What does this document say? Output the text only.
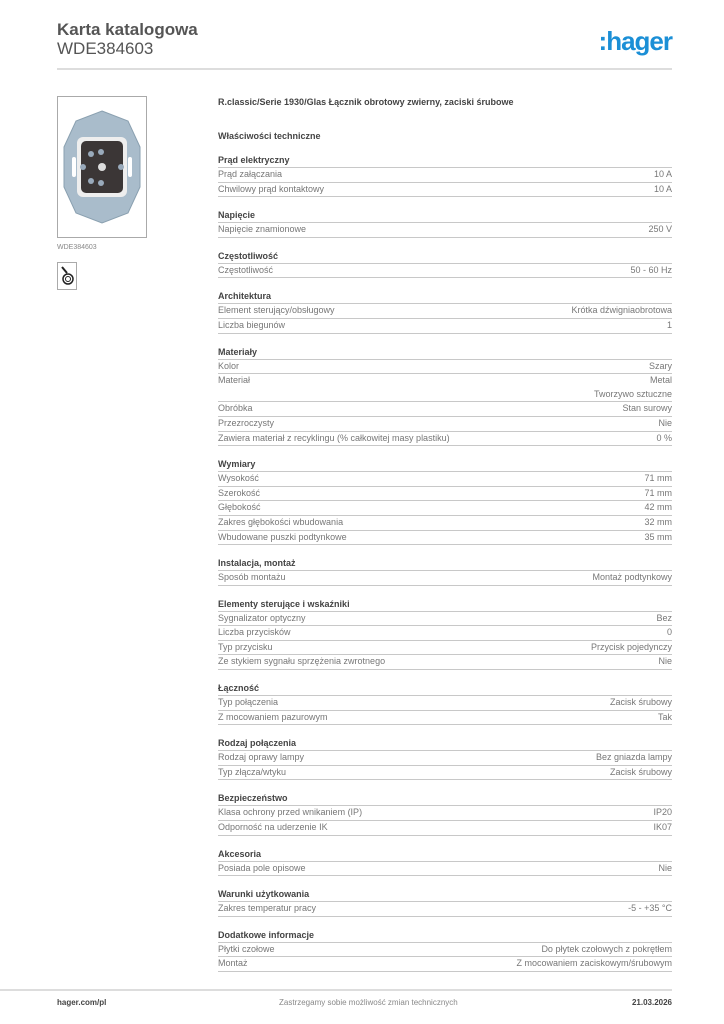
Karta katalogowa
WDE384603	:hager
WDE384603
R.classic/Serie 1930/Glas Łącznik obrotowy zwierny, zaciski śrubowe
Właściwości techniczne
Prąd elektryczny
Prąd załączania	10 A
Chwilowy prąd kontaktowy	10 A
Napięcie
Napięcie znamionowe	250 V
Częstotliwość
Częstotliwość	50 - 60 Hz
Architektura
Element sterujący/obsługowy	Krótka dźwigniaobrotowa
Liczba biegunów	1
Materiały
Kolor	Szary
Materiał	Metal
Tworzywo sztuczne
Obróbka	Stan surowy
Przezroczysty	Nie
Zawiera materiał z recyklingu (% całkowitej masy plastiku)	0 %
Wymiary
Wysokość	71 mm
Szerokość	71 mm
Głębokość	42 mm
Zakres głębokości wbudowania	32 mm
Wbudowane puszki podtynkowe	35 mm
Instalacja, montaż
Sposób montażu	Montaż podtynkowy
Elementy sterujące i wskaźniki
Sygnalizator optyczny	Bez
Liczba przycisków	0
Typ przycisku	Przycisk pojedynczy
Ze stykiem sygnału sprzężenia zwrotnego	Nie
Łączność
Typ połączenia	Zacisk śrubowy
Z mocowaniem pazurowym	Tak
Rodzaj połączenia
Rodzaj oprawy lampy	Bez gniazda lampy
Typ złącza/wtyku	Zacisk śrubowy
Bezpieczeństwo
Klasa ochrony przed wnikaniem (IP)	IP20
Odporność na uderzenie IK	IK07
Akcesoria
Posiada pole opisowe	Nie
Warunki użytkowania
Zakres temperatur pracy	-5 - +35 °C
Dodatkowe informacje
Płytki czołowe	Do płytek czołowych z pokrętłem
Montaż	Z mocowaniem zaciskowym/śrubowym
hager.com/pl	Zastrzegamy sobie możliwość zmian technicznych	21.03.2026
